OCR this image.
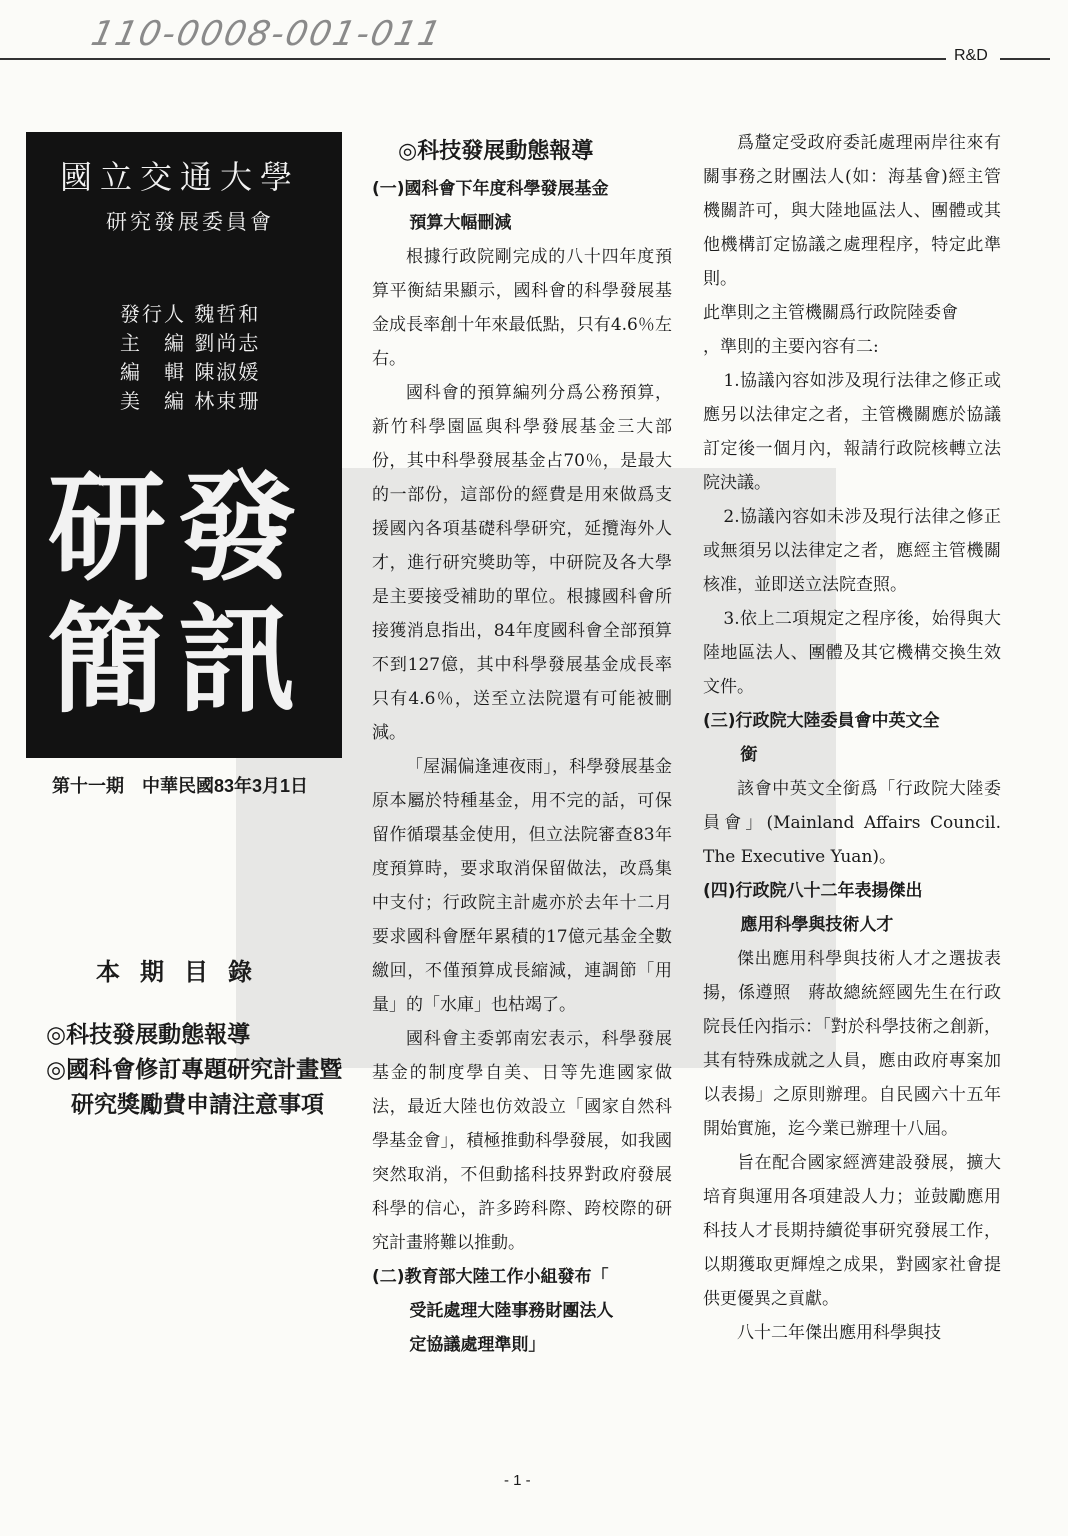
110-0008-001-011
R&D
國立交通大學
研究發展委員會
發行人 魏哲和
主　編 劉尚志
編　輯 陳淑媛
美　編 林束珊
研發
簡訊
第十一期　中華民國83年3月1日
本期目錄
◎科技發展動態報導
◎國科會修訂專題研究計畫暨研究獎勵費申請注意事項
◎科技發展動態報導

(一)國科會下年度科學發展基金

預算大幅刪減

根據行政院剛完成的八十四年度預算平衡結果顯示，國科會的科學發展基金成長率創十年來最低點，只有4.6％左右。

國科會的預算編列分爲公務預算，新竹科學園區與科學發展基金三大部份，其中科學發展基金占70％，是最大的一部份，這部份的經費是用來做爲支援國內各項基礎科學研究，延攬海外人才，進行研究獎助等，中研院及各大學是主要接受補助的單位。根據國科會所接獲消息指出，84年度國科會全部預算不到127億，其中科學發展基金成長率只有4.6％，送至立法院還有可能被刪減。

「屋漏偏逢連夜雨」，科學發展基金原本屬於特種基金，用不完的話，可保留作循環基金使用，但立法院審查83年度預算時，要求取消保留做法，改爲集中支付；行政院主計處亦於去年十二月要求國科會歷年累積的17億元基金全數繳回，不僅預算成長縮減，連調節「用量」的「水庫」也枯竭了。

國科會主委郭南宏表示，科學發展基金的制度學自美、日等先進國家做法，最近大陸也仿效設立「國家自然科學基金會」，積極推動科學發展，如我國突然取消，不但動搖科技界對政府發展科學的信心，許多跨科際、跨校際的研究計畫將難以推動。

(二)教育部大陸工作小組發布「

受託處理大陸事務財團法人

定協議處理準則」

爲釐定受政府委託處理兩岸往來有關事務之財團法人(如：海基會)經主管機關許可，與大陸地區法人、團體或其他機構訂定協議之處理程序，特定此準則。

此準則之主管機關爲行政院陸委會

，準則的主要內容有二:

1.協議內容如涉及現行法律之修正或應另以法律定之者，主管機關應於協議訂定後一個月內，報請行政院核轉立法院決議。

2.協議內容如未涉及現行法律之修正或無須另以法律定之者，應經主管機關核准，並即送立法院查照。

3.依上二項規定之程序後，始得與大陸地區法人、團體及其它機構交換生效文件。

(三)行政院大陸委員會中英文全

銜

該會中英文全銜爲「行政院大陸委員會」(Mainland Affairs Council. The Executive Yuan)。

(四)行政院八十二年表揚傑出

應用科學與技術人才

傑出應用科學與技術人才之選拔表揚，係遵照　蔣故總統經國先生在行政院長任內指示：「對於科學技術之創新，其有特殊成就之人員，應由政府專案加以表揚」之原則辦理。自民國六十五年開始實施，迄今業已辦理十八屆。

旨在配合國家經濟建設發展，擴大培育與運用各項建設人力；並鼓勵應用科技人才長期持續從事研究發展工作，以期獲取更輝煌之成果，對國家社會提供更優異之貢獻。

八十二年傑出應用科學與技

- 1 -
